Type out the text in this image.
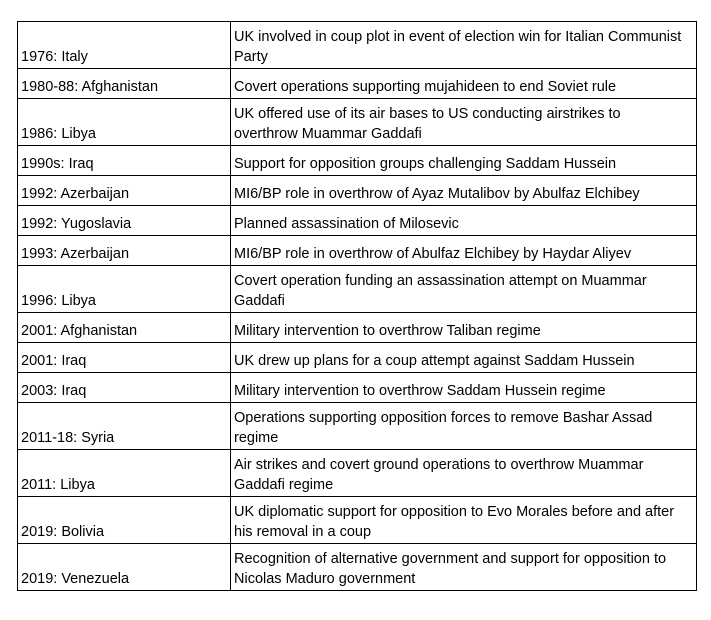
1976: Italy	UK involved in coup plot in event of election win for Italian Communist Party
1980-88: Afghanistan	Covert operations supporting mujahideen to end Soviet rule
1986: Libya	UK offered use of its air bases to US conducting airstrikes to overthrow Muammar Gaddafi
1990s: Iraq	Support for opposition groups challenging Saddam Hussein
1992: Azerbaijan	MI6/BP role in overthrow of Ayaz Mutalibov by Abulfaz Elchibey
1992: Yugoslavia	Planned assassination of Milosevic
1993: Azerbaijan	MI6/BP role in overthrow of Abulfaz Elchibey by Haydar Aliyev
1996: Libya	Covert operation funding an assassination attempt on Muammar Gaddafi
2001: Afghanistan	Military intervention to overthrow Taliban regime
2001: Iraq	UK drew up plans for a coup attempt against Saddam Hussein
2003: Iraq	Military intervention to overthrow Saddam Hussein regime
2011-18: Syria	Operations supporting opposition forces to remove Bashar Assad regime
2011: Libya	Air strikes and covert ground operations to overthrow Muammar Gaddafi regime
2019: Bolivia	UK diplomatic support for opposition to Evo Morales before and after his removal in a coup
2019: Venezuela	Recognition of alternative government and support for opposition to Nicolas Maduro government
